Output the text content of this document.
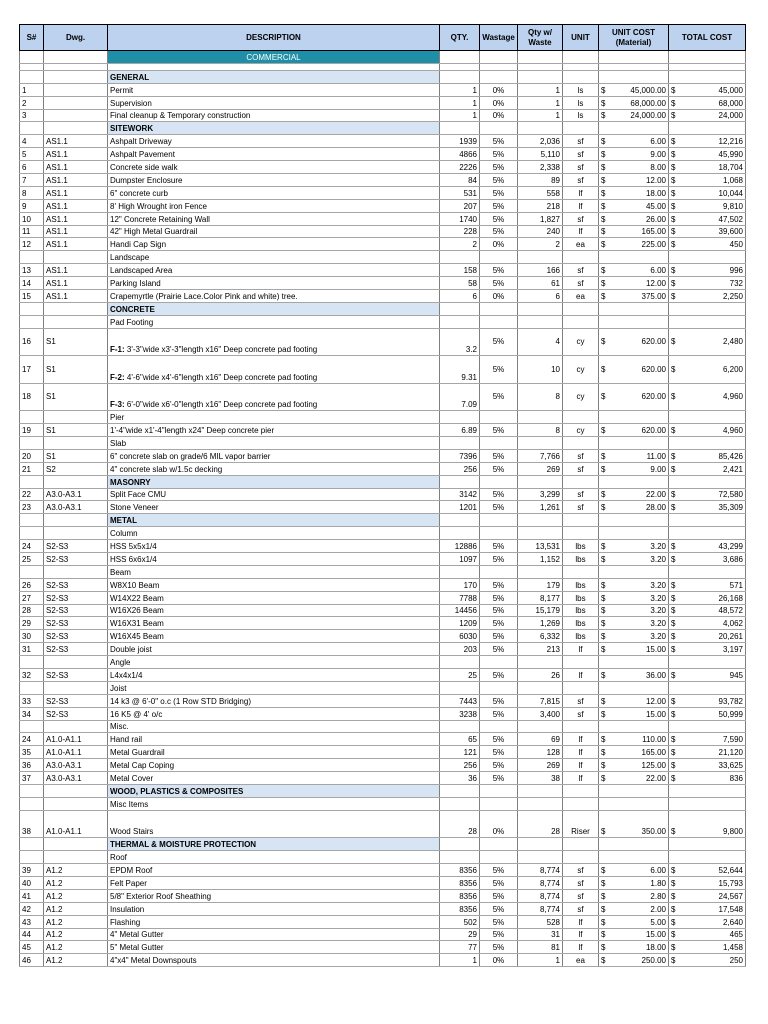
S#	Dwg.	DESCRIPTION	QTY.	Wastage	Qty w/ Waste	UNIT	UNIT COST (Material)	TOTAL COST
		COMMERCIAL						

		GENERAL						
1		Permit	1	0%	1	ls	$ 45,000.00	$ 45,000

2		Supervision	1	0%	1	ls	$ 68,000.00	$ 68,000

3		Final cleanup & Temporary construction	1	0%	1	ls	$ 24,000.00	$ 24,000

		SITEWORK						
4	AS1.1	Ashpalt Driveway	1939	5%	2,036	sf	$ 6.00	$ 12,216

5	AS1.1	Ashpalt Pavement	4866	5%	5,110	sf	$ 9.00	$ 45,990

6	AS1.1	Concrete side walk	2226	5%	2,338	sf	$ 8.00	$ 18,704

7	AS1.1	Dumpster Enclosure	84	5%	89	sf	$ 12.00	$ 1,068

8	AS1.1	6" concrete curb	531	5%	558	lf	$ 18.00	$ 10,044

9	AS1.1	8' High Wrought iron Fence	207	5%	218	lf	$ 45.00	$ 9,810

10	AS1.1	12" Concrete Retaining Wall	1740	5%	1,827	sf	$ 26.00	$ 47,502

11	AS1.1	42" High Metal Guardrail	228	5%	240	lf	$ 165.00	$ 39,600

12	AS1.1	Handi Cap Sign	2	0%	2	ea	$ 225.00	$ 450

		Landscape						
13	AS1.1	Landscaped Area	158	5%	166	sf	$ 6.00	$ 996

14	AS1.1	Parking Island	58	5%	61	sf	$ 12.00	$ 732

15	AS1.1	Crapemyrtle (Prairie Lace.Color Pink and white) tree.	6	0%	6	ea	$ 375.00	$ 2,250

		CONCRETE						
		Pad Footing						
16	S1	F-1: 3'-3"wide x3'-3"length x16" Deep concrete pad footing	3.2	5%	4	cy	$ 620.00	$ 2,480

17	S1	F-2: 4'-6"wide x4'-6"length x16" Deep concrete pad footing	9.31	5%	10	cy	$ 620.00	$ 6,200

18	S1	F-3: 6'-0"wide x6'-0"length x16" Deep concrete pad footing	7.09	5%	8	cy	$ 620.00	$ 4,960

		Pier						
19	S1	1'-4"wide x1'-4"length x24" Deep concrete pier	6.89	5%	8	cy	$ 620.00	$ 4,960

		Slab						
20	S1	6" concrete slab on grade/6 MIL vapor barrier	7396	5%	7,766	sf	$ 11.00	$ 85,426

21	S2	4" concrete slab w/1.5c decking	256	5%	269	sf	$ 9.00	$ 2,421

		MASONRY						
22	A3.0-A3.1	Split Face CMU	3142	5%	3,299	sf	$ 22.00	$ 72,580

23	A3.0-A3.1	Stone Veneer	1201	5%	1,261	sf	$ 28.00	$ 35,309

		METAL						
		Column						
24	S2-S3	HSS 5x5x1/4	12886	5%	13,531	lbs	$ 3.20	$ 43,299

25	S2-S3	HSS 6x6x1/4	1097	5%	1,152	lbs	$ 3.20	$ 3,686

		Beam						
26	S2-S3	W8X10 Beam	170	5%	179	lbs	$ 3.20	$ 571

27	S2-S3	W14X22 Beam	7788	5%	8,177	lbs	$ 3.20	$ 26,168

28	S2-S3	W16X26 Beam	14456	5%	15,179	lbs	$ 3.20	$ 48,572

29	S2-S3	W16X31 Beam	1209	5%	1,269	lbs	$ 3.20	$ 4,062

30	S2-S3	W16X45 Beam	6030	5%	6,332	lbs	$ 3.20	$ 20,261

31	S2-S3	Double joist	203	5%	213	lf	$ 15.00	$ 3,197

		Angle						
32	S2-S3	L4x4x1/4	25	5%	26	lf	$ 36.00	$ 945

		Joist						
33	S2-S3	14 k3 @ 6'-0" o.c (1 Row STD Bridging)	7443	5%	7,815	sf	$ 12.00	$ 93,782

34	S2-S3	16 K5 @ 4' o/c	3238	5%	3,400	sf	$ 15.00	$ 50,999

		Misc.						
24	A1.0-A1.1	Hand rail	65	5%	69	lf	$ 110.00	$ 7,590

35	A1.0-A1.1	Metal Guardrail	121	5%	128	lf	$ 165.00	$ 21,120

36	A3.0-A3.1	Metal Cap Coping	256	5%	269	lf	$ 125.00	$ 33,625

37	A3.0-A3.1	Metal Cover	36	5%	38	lf	$ 22.00	$ 836

		WOOD, PLASTICS & COMPOSITES						
		Misc Items						
38	A1.0-A1.1	Wood Stairs	28	0%	28	Riser	$ 350.00	$ 9,800

		THERMAL & MOISTURE PROTECTION						
		Roof						
39	A1.2	EPDM Roof	8356	5%	8,774	sf	$ 6.00	$ 52,644

40	A1.2	Felt Paper	8356	5%	8,774	sf	$ 1.80	$ 15,793

41	A1.2	5/8" Exterior Roof Sheathing	8356	5%	8,774	sf	$ 2.80	$ 24,567

42	A1.2	Insulation	8356	5%	8,774	sf	$ 2.00	$ 17,548

43	A1.2	Flashing	502	5%	528	lf	$ 5.00	$ 2,640

44	A1.2	4" Metal Gutter	29	5%	31	lf	$ 15.00	$ 465

45	A1.2	5" Metal Gutter	77	5%	81	lf	$ 18.00	$ 1,458

46	A1.2	4"x4" Metal Downspouts	1	0%	1	ea	$ 250.00	$ 250
